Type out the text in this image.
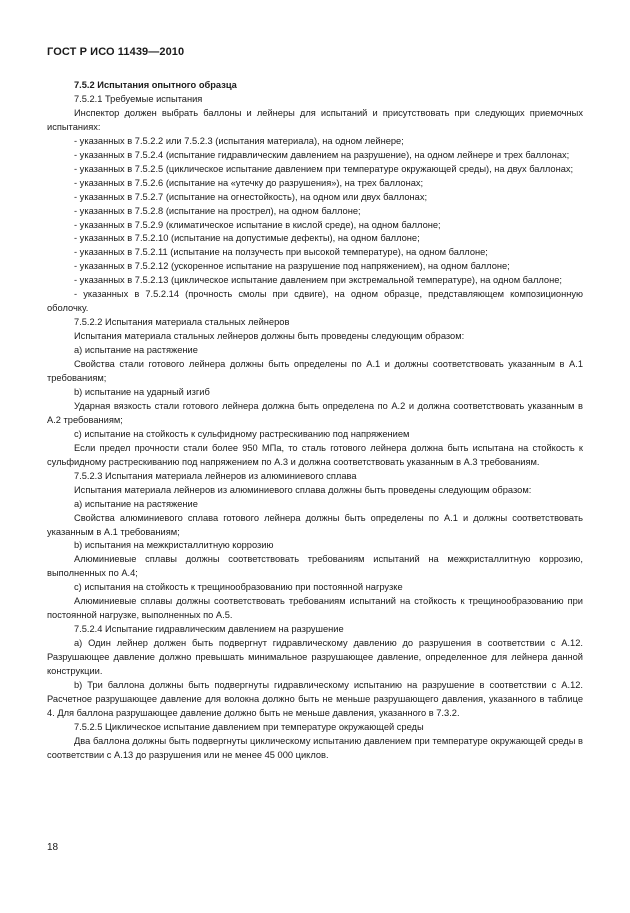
ГОСТ Р ИСО 11439—2010

7.5.2 Испытания опытного образца

7.5.2.1 Требуемые испытания

Инспектор должен выбрать баллоны и лейнеры для испытаний и присутствовать при следующих приемочных испытаниях:

- указанных в 7.5.2.2 или 7.5.2.3 (испытания материала), на одном лейнере;

- указанных в 7.5.2.4 (испытание гидравлическим давлением на разрушение), на одном лейнере и трех баллонах;

- указанных в 7.5.2.5 (циклическое испытание давлением при температуре окружающей среды), на двух баллонах;

- указанных в 7.5.2.6 (испытание на «утечку до разрушения»), на трех баллонах;

- указанных в 7.5.2.7 (испытание на огнестойкость), на одном или двух баллонах;

- указанных в 7.5.2.8 (испытание на прострел), на одном баллоне;

- указанных в 7.5.2.9 (климатическое испытание в кислой среде), на одном баллоне;

- указанных в 7.5.2.10 (испытание на допустимые дефекты), на одном баллоне;

- указанных в 7.5.2.11 (испытание на ползучесть при высокой температуре), на одном баллоне;

- указанных в 7.5.2.12 (ускоренное испытание на разрушение под напряжением), на одном баллоне;

- указанных в 7.5.2.13 (циклическое испытание давлением при экстремальной температуре), на одном баллоне;

- указанных в 7.5.2.14 (прочность смолы при сдвиге), на одном образце, представляющем композиционную оболочку.

7.5.2.2 Испытания материала стальных лейнеров

Испытания материала стальных лейнеров должны быть проведены следующим образом:

а) испытание на растяжение

Свойства стали готового лейнера должны быть определены по А.1 и должны соответствовать указанным в А.1 требованиям;

b) испытание на ударный изгиб

Ударная вязкость стали готового лейнера должна быть определена по А.2 и должна соответствовать указанным в А.2 требованиям;

с) испытание на стойкость к сульфидному растрескиванию под напряжением

Если предел прочности стали более 950 МПа, то сталь готового лейнера должна быть испытана на стойкость к сульфидному растрескиванию под напряжением по А.3 и должна соответствовать указанным в А.3 требованиям.

7.5.2.3 Испытания материала лейнеров из алюминиевого сплава

Испытания материала лейнеров из алюминиевого сплава должны быть проведены следующим образом:

а) испытание на растяжение

Свойства алюминиевого сплава готового лейнера должны быть определены по А.1 и должны соответствовать указанным в А.1 требованиям;

b) испытания на межкристаллитную коррозию

Алюминиевые сплавы должны соответствовать требованиям испытаний на межкристаллитную коррозию, выполненных по А.4;

с) испытания на стойкость к трещинообразованию при постоянной нагрузке

Алюминиевые сплавы должны соответствовать требованиям испытаний на стойкость к трещинообразованию при постоянной нагрузке, выполненных по А.5.

7.5.2.4 Испытание гидравлическим давлением на разрушение

а) Один лейнер должен быть подвергнут гидравлическому давлению до разрушения в соответствии с А.12. Разрушающее давление должно превышать минимальное разрушающее давление, определенное для лейнера данной конструкции.

b) Три баллона должны быть подвергнуты гидравлическому испытанию на разрушение в соответствии с А.12. Расчетное разрушающее давление для волокна должно быть не меньше разрушающего давления, указанного в таблице 4. Для баллона разрушающее давление должно быть не меньше давления, указанного в 7.3.2.

7.5.2.5 Циклическое испытание давлением при температуре окружающей среды

Два баллона должны быть подвергнуты циклическому испытанию давлением при температуре окружающей среды в соответствии с А.13 до разрушения или не менее 45 000 циклов.

18
